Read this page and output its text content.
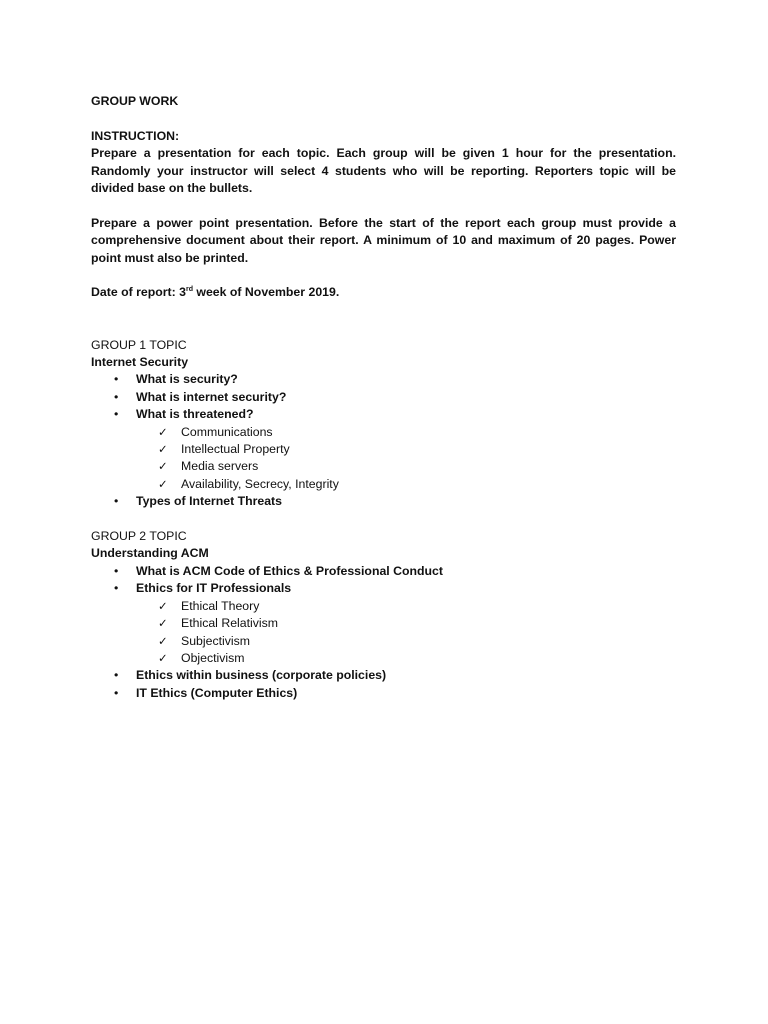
GROUP WORK
INSTRUCTION:
Prepare a presentation for each topic. Each group will be given 1 hour for the presentation. Randomly your instructor will select 4 students who will be reporting. Reporters topic will be divided base on the bullets.
Prepare a power point presentation. Before the start of the report each group must provide a comprehensive document about their report. A minimum of 10 and maximum of 20 pages. Power point must also be printed.
Date of report: 3rd week of November 2019.
GROUP 1 TOPIC
Internet Security
• What is security?
• What is internet security?
• What is threatened?
✓ Communications
✓ Intellectual Property
✓ Media servers
✓ Availability, Secrecy, Integrity
• Types of Internet Threats
GROUP 2 TOPIC
Understanding ACM
• What is ACM Code of Ethics & Professional Conduct
• Ethics for IT Professionals
✓ Ethical Theory
✓ Ethical Relativism
✓ Subjectivism
✓ Objectivism
• Ethics within business (corporate policies)
• IT Ethics (Computer Ethics)
